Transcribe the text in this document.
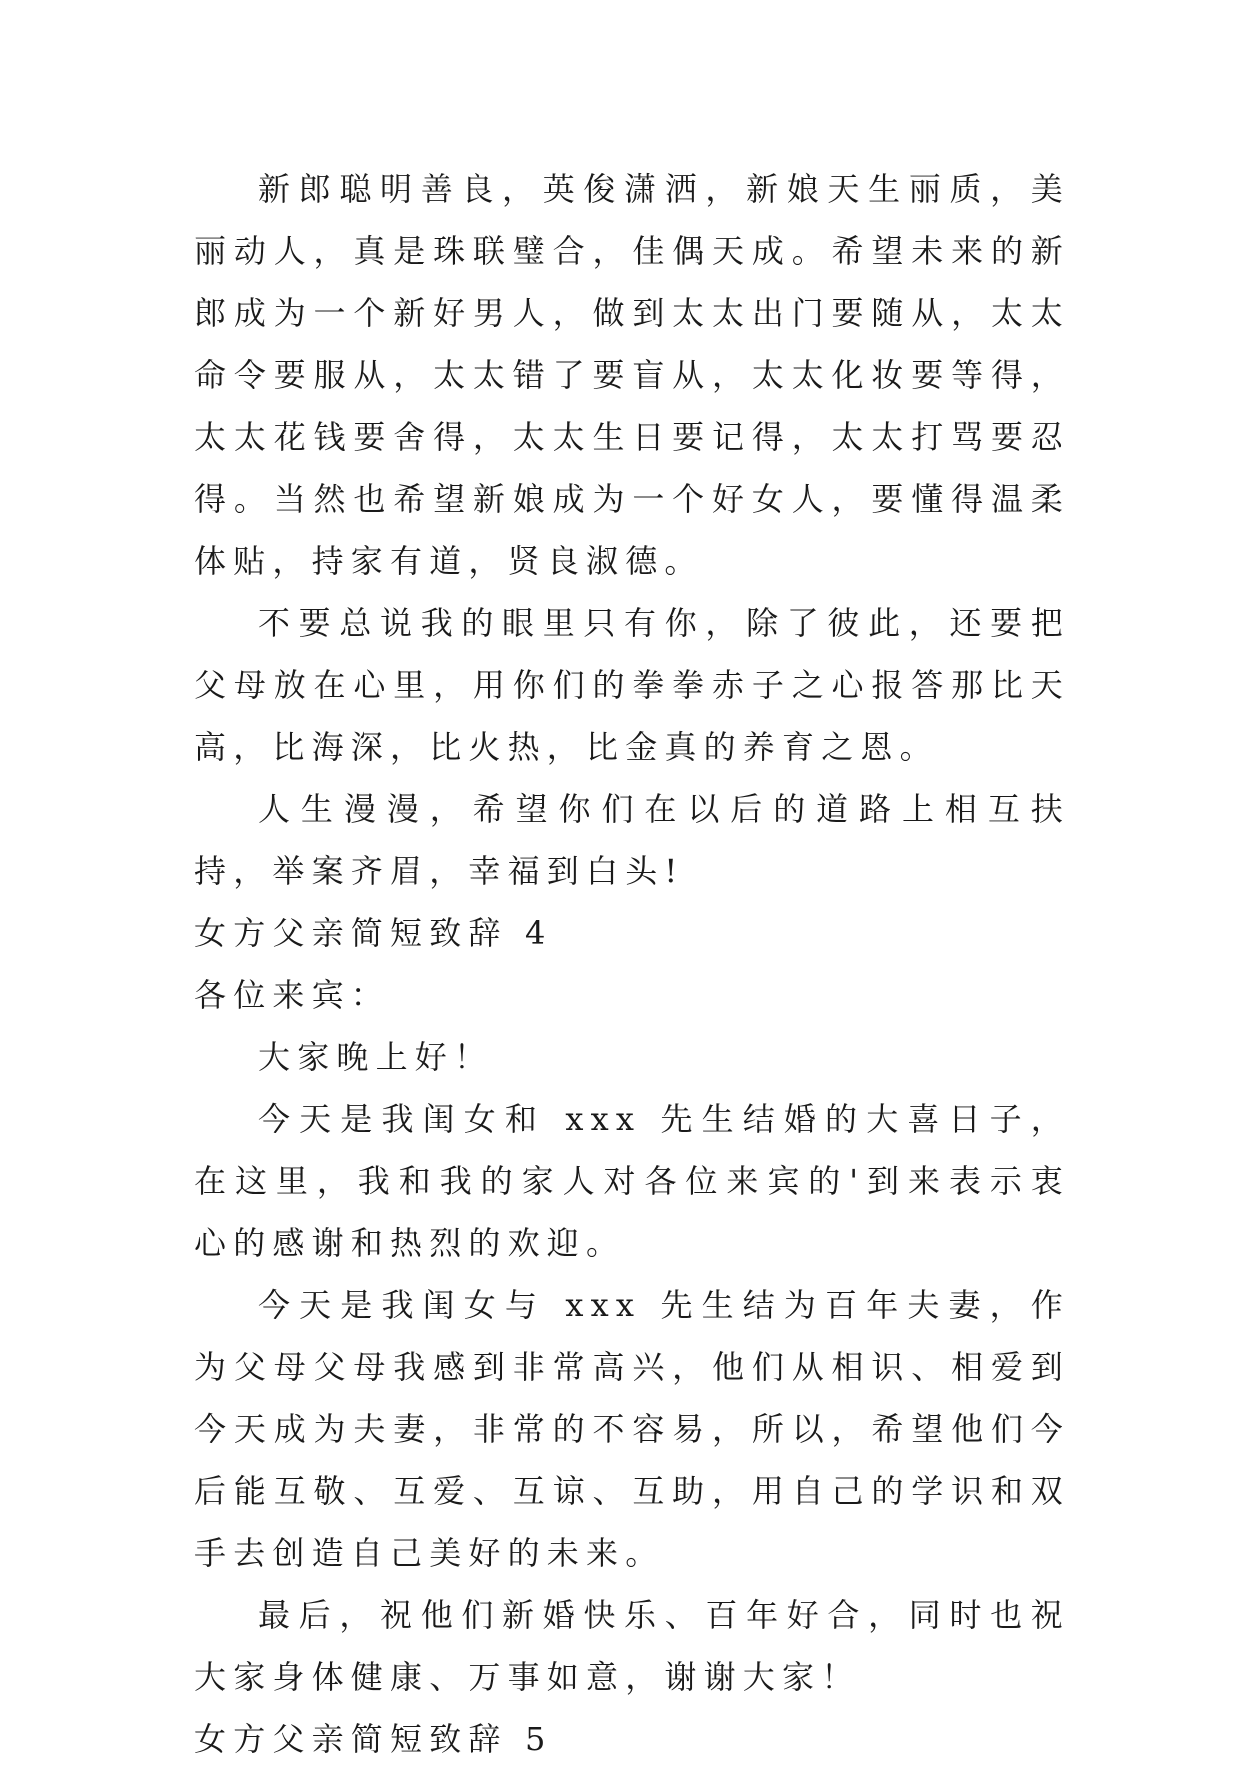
新郎聪明善良，英俊潇洒，新娘天生丽质，美丽动人，真是珠联璧合，佳偶天成。希望未来的新郎成为一个新好男人，做到太太出门要随从，太太命令要服从，太太错了要盲从，太太化妆要等得，太太花钱要舍得，太太生日要记得，太太打骂要忍得。当然也希望新娘成为一个好女人，要懂得温柔体贴，持家有道，贤良淑德。

不要总说我的眼里只有你，除了彼此，还要把父母放在心里，用你们的拳拳赤子之心报答那比天高，比海深，比火热，比金真的养育之恩。

人生漫漫，希望你们在以后的道路上相互扶持，举案齐眉，幸福到白头!

女方父亲简短致辞 4

各位来宾：

大家晚上好！

今天是我闺女和 xxx 先生结婚的大喜日子，在这里，我和我的家人对各位来宾的'到来表示衷心的感谢和热烈的欢迎。

今天是我闺女与 xxx 先生结为百年夫妻，作为父母父母我感到非常高兴，他们从相识、相爱到今天成为夫妻，非常的不容易，所以，希望他们今后能互敬、互爱、互谅、互助，用自己的学识和双手去创造自己美好的未来。

最后，祝他们新婚快乐、百年好合，同时也祝大家身体健康、万事如意，谢谢大家！

女方父亲简短致辞 5
